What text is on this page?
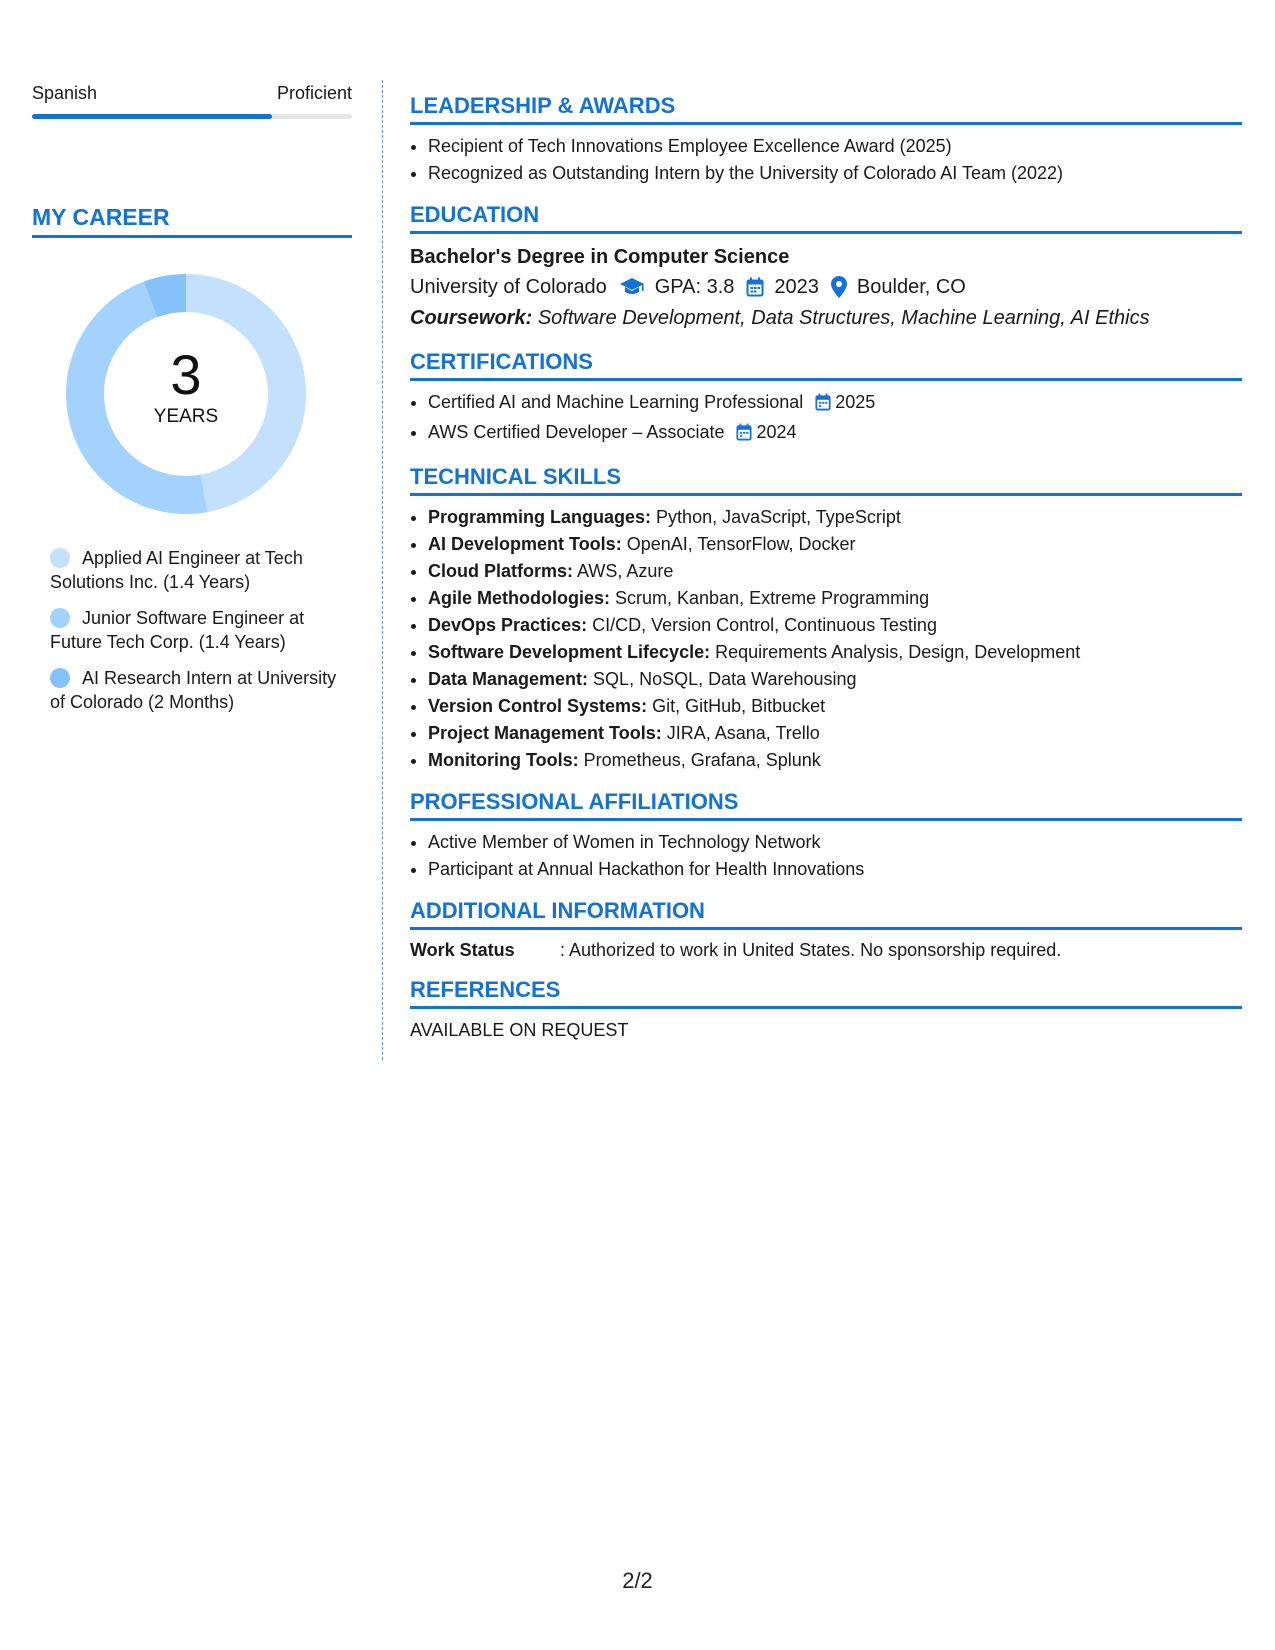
Spanish	Proficient
MY CAREER
3
YEARS
Applied AI Engineer at Tech Solutions Inc. (1.4 Years)
Junior Software Engineer at Future Tech Corp. (1.4 Years)
AI Research Intern at University of Colorado (2 Months)
LEADERSHIP & AWARDS
• Recipient of Tech Innovations Employee Excellence Award (2025)
• Recognized as Outstanding Intern by the University of Colorado AI Team (2022)
EDUCATION
Bachelor's Degree in Computer Science
University of Colorado GPA: 3.8 2023 Boulder, CO
Coursework: Software Development, Data Structures, Machine Learning, AI Ethics
CERTIFICATIONS
• Certified AI and Machine Learning Professional 2025
• AWS Certified Developer – Associate 2024
TECHNICAL SKILLS
• Programming Languages: Python, JavaScript, TypeScript
• AI Development Tools: OpenAI, TensorFlow, Docker
• Cloud Platforms: AWS, Azure
• Agile Methodologies: Scrum, Kanban, Extreme Programming
• DevOps Practices: CI/CD, Version Control, Continuous Testing
• Software Development Lifecycle: Requirements Analysis, Design, Development
• Data Management: SQL, NoSQL, Data Warehousing
• Version Control Systems: Git, GitHub, Bitbucket
• Project Management Tools: JIRA, Asana, Trello
• Monitoring Tools: Prometheus, Grafana, Splunk
PROFESSIONAL AFFILIATIONS
• Active Member of Women in Technology Network
• Participant at Annual Hackathon for Health Innovations
ADDITIONAL INFORMATION
Work Status	: Authorized to work in United States. No sponsorship required.
REFERENCES
AVAILABLE ON REQUEST
2/2
